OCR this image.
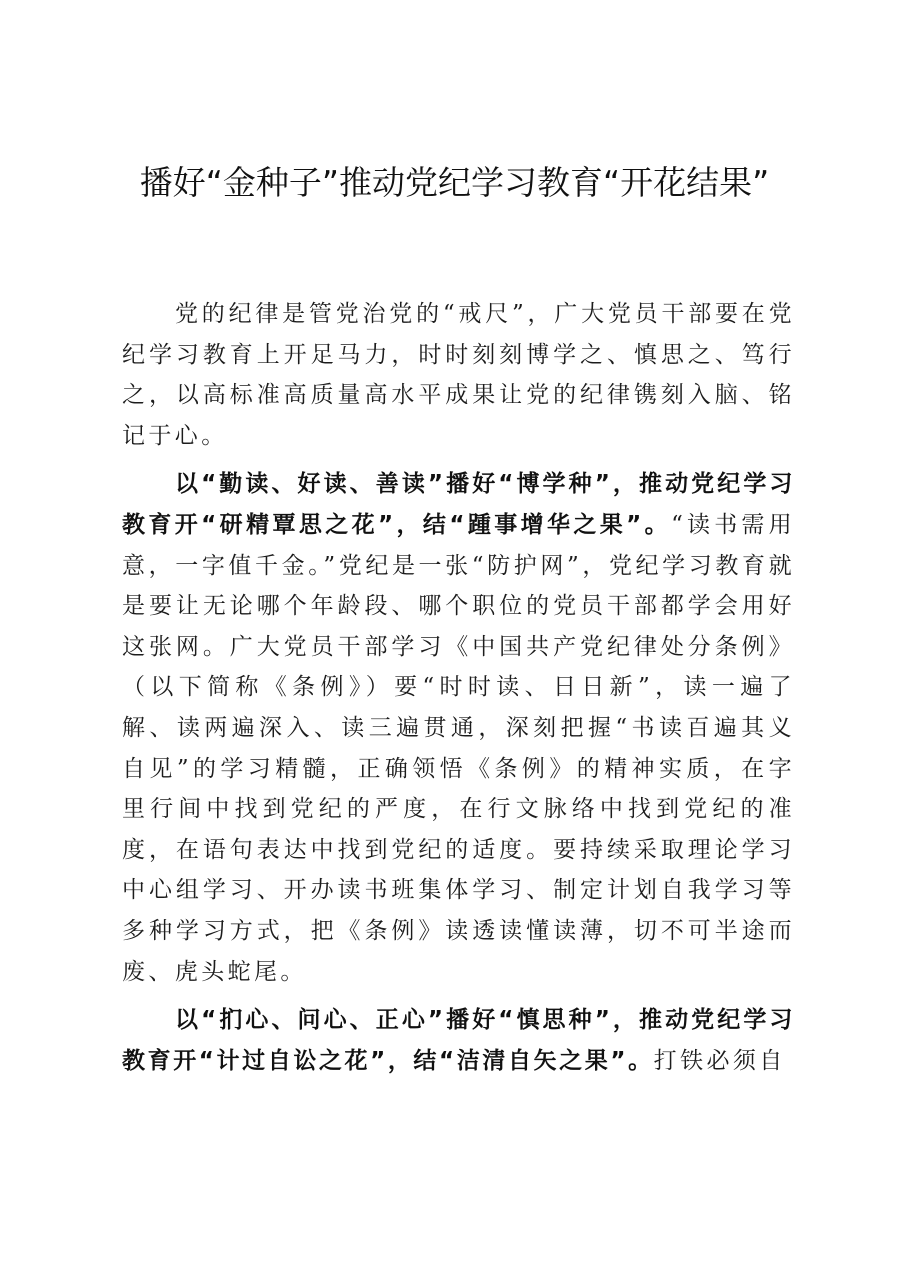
播好“金种子”推动党纪学习教育“开花结果”

党的纪律是管党治党的“戒尺”，广大党员干部要在党纪学习教育上开足马力，时时刻刻博学之、慎思之、笃行之，以高标准高质量高水平成果让党的纪律镌刻入脑、铭记于心。

以“勤读、好读、善读”播好“博学种”，推动党纪学习教育开“研精覃思之花”，结“踵事增华之果”。“读书需用意，一字值千金。”党纪是一张“防护网”，党纪学习教育就是要让无论哪个年龄段、哪个职位的党员干部都学会用好这张网。广大党员干部学习《中国共产党纪律处分条例》（以下简称《条例》）要“时时读、日日新”，读一遍了解、读两遍深入、读三遍贯通，深刻把握“书读百遍其义自见”的学习精髓，正确领悟《条例》的精神实质，在字里行间中找到党纪的严度，在行文脉络中找到党纪的准度，在语句表达中找到党纪的适度。要持续采取理论学习中心组学习、开办读书班集体学习、制定计划自我学习等多种学习方式，把《条例》读透读懂读薄，切不可半途而废、虎头蛇尾。

以“扪心、问心、正心”播好“慎思种”，推动党纪学习教育开“计过自讼之花”，结“洁清自矢之果”。打铁必须自
